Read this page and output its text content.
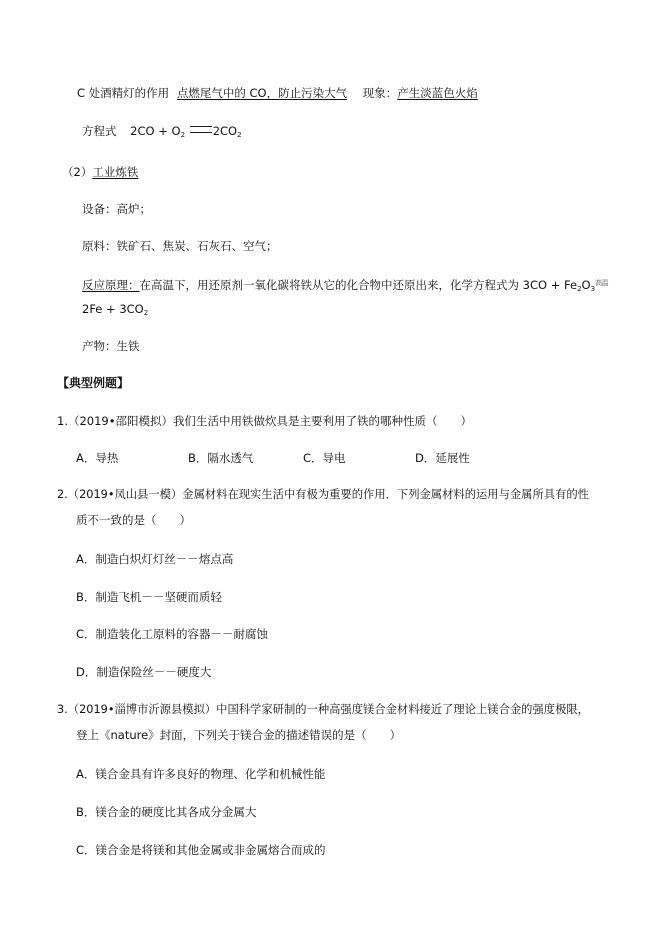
C 处酒精灯的作用 点燃尾气中的 CO，防止污染大气 现象：产生淡蓝色火焰
方程式 $2CO + O_2$ $2CO_2$
（2）工业炼铁
设备：高炉；
原料：铁矿石、焦炭、石灰石、空气；
反应原理：在高温下，用还原剂一氧化碳将铁从它的化合物中还原出来，化学方程式为 $3CO + Fe_2O_3$高温
$2Fe + 3CO_2$
产物：生铁
【典型例题】
1.（2019•邵阳模拟）我们生活中用铁做炊具是主要利用了铁的哪种性质（　　）
A．导热	B．隔水透气	C．导电	D．延展性
2.（2019•凤山县一模）金属材料在现实生活中有极为重要的作用．下列金属材料的运用与金属所具有的性
质不一致的是（　　）
A．制造白炽灯灯丝－－熔点高
B．制造飞机－－坚硬而质轻
C．制造装化工原料的容器－－耐腐蚀
D．制造保险丝－－硬度大
3.（2019•淄博市沂源县模拟）中国科学家研制的一种高强度镁合金材料接近了理论上镁合金的强度极限，
登上《nature》封面，下列关于镁合金的描述错误的是（　　）
A．镁合金具有许多良好的物理、化学和机械性能
B．镁合金的硬度比其各成分金属大
C．镁合金是将镁和其他金属或非金属熔合而成的
